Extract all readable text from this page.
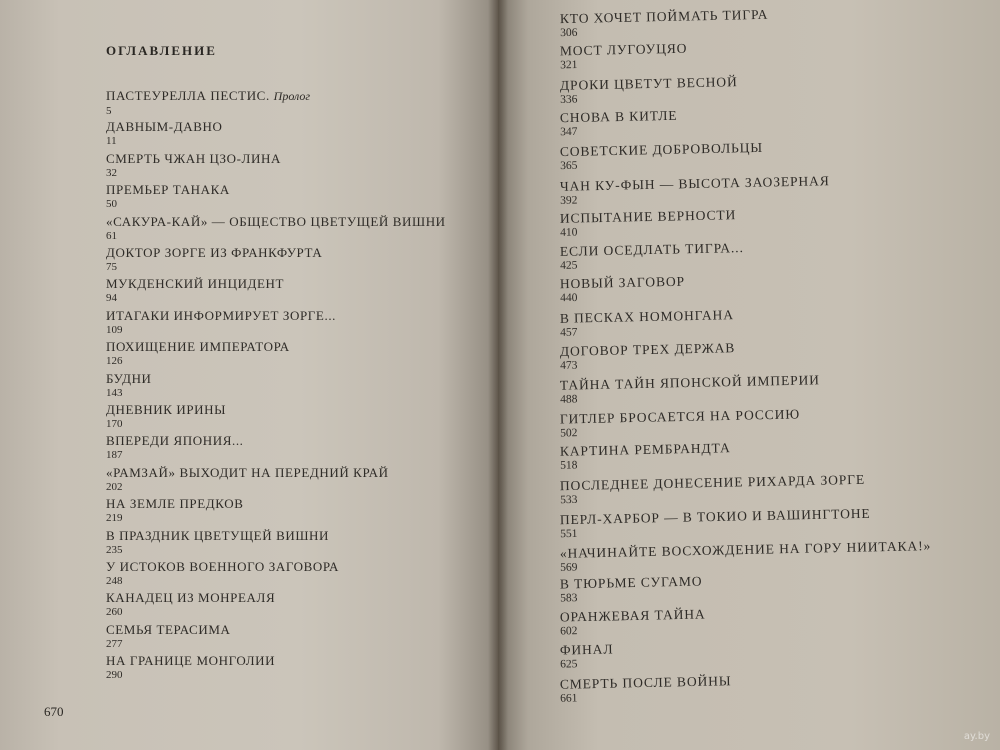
ОГЛАВЛЕНИЕ
ПАСТЕУРЕЛЛА ПЕСТИС. Пролог
5
ДАВНЫМ-ДАВНО
11
СМЕРТЬ ЧЖАН ЦЗО-ЛИНА
32
ПРЕМЬЕР ТАНАКА
50
«САКУРА-КАЙ» — ОБЩЕСТВО ЦВЕТУЩЕЙ ВИШНИ
61
ДОКТОР ЗОРГЕ ИЗ ФРАНКФУРТА
75
МУКДЕНСКИЙ ИНЦИДЕНТ
94
ИТАГАКИ ИНФОРМИРУЕТ ЗОРГЕ...
109
ПОХИЩЕНИЕ ИМПЕРАТОРА
126
БУДНИ
143
ДНЕВНИК ИРИНЫ
170
ВПЕРЕДИ ЯПОНИЯ...
187
«РАМЗАЙ» ВЫХОДИТ НА ПЕРЕДНИЙ КРАЙ
202
НА ЗЕМЛЕ ПРЕДКОВ
219
В ПРАЗДНИК ЦВЕТУЩЕЙ ВИШНИ
235
У ИСТОКОВ ВОЕННОГО ЗАГОВОРА
248
КАНАДЕЦ ИЗ МОНРЕАЛЯ
260
СЕМЬЯ ТЕРАСИМА
277
НА ГРАНИЦЕ МОНГОЛИИ
290
670
КТО ХОЧЕТ ПОЙМАТЬ ТИГРА
306
МОСТ ЛУГОУЦЯО
321
ДРОКИ ЦВЕТУТ ВЕСНОЙ
336
СНОВА В КИТЛЕ
347
СОВЕТСКИЕ ДОБРОВОЛЬЦЫ
365
ЧАН КУ-ФЫН — ВЫСОТА ЗАОЗЕРНАЯ
392
ИСПЫТАНИЕ ВЕРНОСТИ
410
ЕСЛИ ОСЕДЛАТЬ ТИГРА...
425
НОВЫЙ ЗАГОВОР
440
В ПЕСКАХ НОМОНГАНА
457
ДОГОВОР ТРЕХ ДЕРЖАВ
473
ТАЙНА ТАЙН ЯПОНСКОЙ ИМПЕРИИ
488
ГИТЛЕР БРОСАЕТСЯ НА РОССИЮ
502
КАРТИНА РЕМБРАНДТА
518
ПОСЛЕДНЕЕ ДОНЕСЕНИЕ РИХАРДА ЗОРГЕ
533
ПЕРЛ-ХАРБОР — В ТОКИО И ВАШИНГТОНЕ
551
«НАЧИНАЙТЕ ВОСХОЖДЕНИЕ НА ГОРУ НИИТАКА!»
569
В ТЮРЬМЕ СУГАМО
583
ОРАНЖЕВАЯ ТАЙНА
602
ФИНАЛ
625
СМЕРТЬ ПОСЛЕ ВОЙНЫ
661
ay.by
